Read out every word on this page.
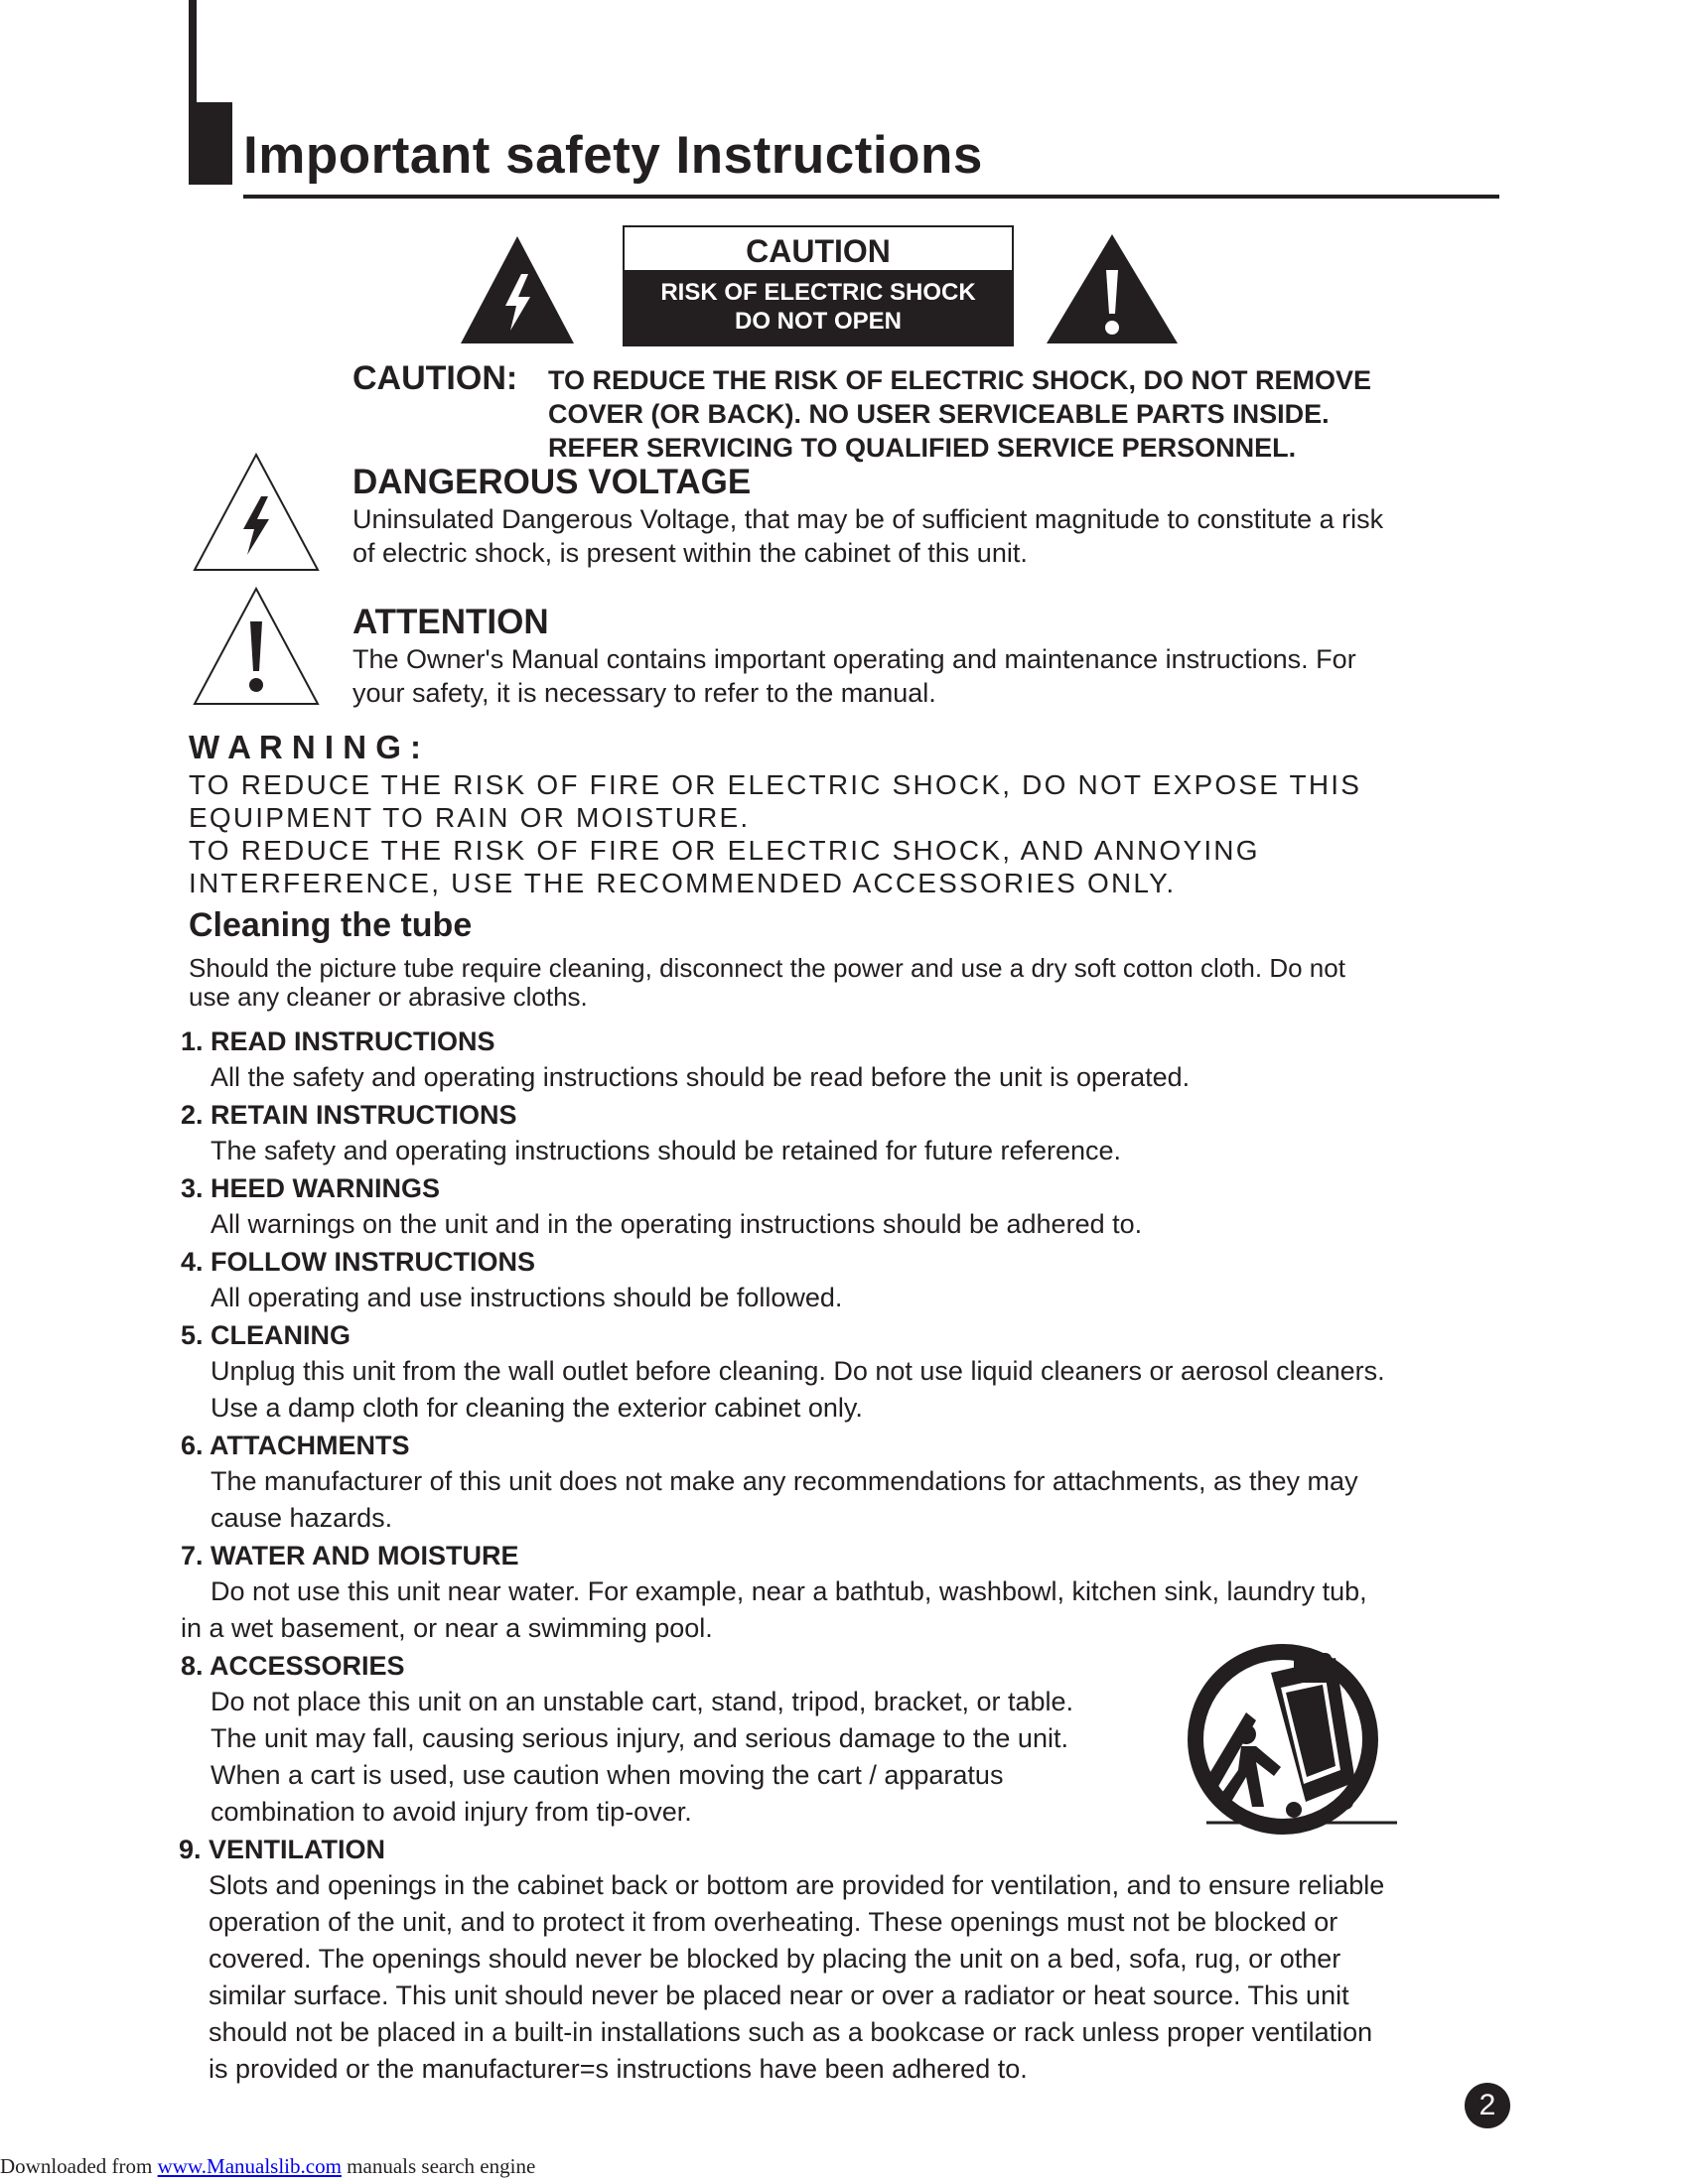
Important safety Instructions
CAUTION
RISK OF ELECTRIC SHOCK
DO NOT OPEN
CAUTION: TO REDUCE THE RISK OF ELECTRIC SHOCK, DO NOT REMOVE
COVER (OR BACK). NO USER SERVICEABLE PARTS INSIDE.
REFER SERVICING TO QUALIFIED SERVICE PERSONNEL.
DANGEROUS VOLTAGE
Uninsulated Dangerous Voltage, that may be of sufficient magnitude to constitute a risk
of electric shock, is present within the cabinet of this unit.
ATTENTION
The Owner's Manual contains important operating and maintenance instructions. For
your safety, it is necessary to refer to the manual.
W A R N I N G :
TO REDUCE THE RISK OF FIRE OR ELECTRIC SHOCK, DO NOT EXPOSE THIS
EQUIPMENT TO RAIN OR MOISTURE.
TO REDUCE THE RISK OF FIRE OR ELECTRIC SHOCK, AND ANNOYING
INTERFERENCE, USE THE RECOMMENDED ACCESSORIES ONLY.
Cleaning the tube
Should the picture tube require cleaning, disconnect the power and use a dry soft cotton cloth. Do not
use any cleaner or abrasive cloths.
1. READ INSTRUCTIONS
All the safety and operating instructions should be read before the unit is operated.
2. RETAIN INSTRUCTIONS
The safety and operating instructions should be retained for future reference.
3. HEED WARNINGS
All warnings on the unit and in the operating instructions should be adhered to.
4. FOLLOW INSTRUCTIONS
All operating and use instructions should be followed.
5. CLEANING
Unplug this unit from the wall outlet before cleaning. Do not use liquid cleaners or aerosol cleaners.
Use a damp cloth for cleaning the exterior cabinet only.
6. ATTACHMENTS
The manufacturer of this unit does not make any recommendations for attachments, as they may
cause hazards.
7. WATER AND MOISTURE
Do not use this unit near water. For example, near a bathtub, washbowl, kitchen sink, laundry tub,
in a wet basement, or near a swimming pool.
8. ACCESSORIES
Do not place this unit on an unstable cart, stand, tripod, bracket, or table.
The unit may fall, causing serious injury, and serious damage to the unit.
When a cart is used, use caution when moving the cart / apparatus
combination to avoid injury from tip-over.
9. VENTILATION
Slots and openings in the cabinet back or bottom are provided for ventilation, and to ensure reliable
operation of the unit, and to protect it from overheating. These openings must not be blocked or
covered. The openings should never be blocked by placing the unit on a bed, sofa, rug, or other
similar surface. This unit should never be placed near or over a radiator or heat source. This unit
should not be placed in a built-in installations such as a bookcase or rack unless proper ventilation
is provided or the manufacturer=s instructions have been adhered to.
2
Downloaded from www.Manualslib.com manuals search engine
